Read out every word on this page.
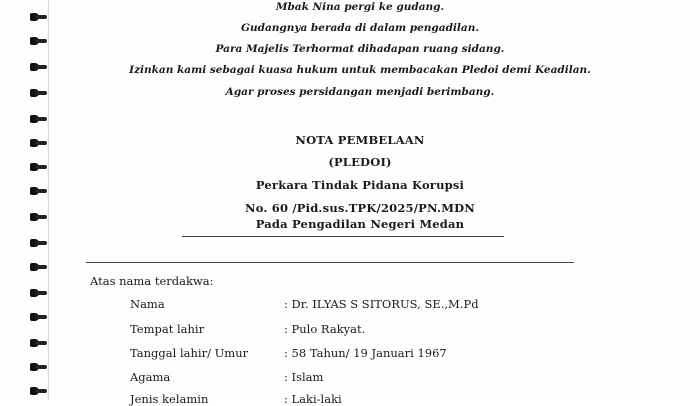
Mbak Nina pergi ke gudang.
Gudangnya berada di dalam pengadilan.
Para Majelis Terhormat dihadapan ruang sidang.
Izinkan kami sebagai kuasa hukum untuk membacakan Pledoi demi Keadilan.
Agar proses persidangan menjadi berimbang.
NOTA PEMBELAAN
(PLEDOI)
Perkara Tindak Pidana Korupsi
No. 60 /Pid.sus.TPK/2025/PN.MDN
Pada Pengadilan Negeri Medan
Atas nama terdakwa:
Nama	: Dr. ILYAS S SITORUS, SE.,M.Pd
Tempat lahir	: Pulo Rakyat.
Tanggal lahir/ Umur	: 58 Tahun/ 19 Januari 1967
Agama	: Islam
Jenis kelamin	: Laki-laki
